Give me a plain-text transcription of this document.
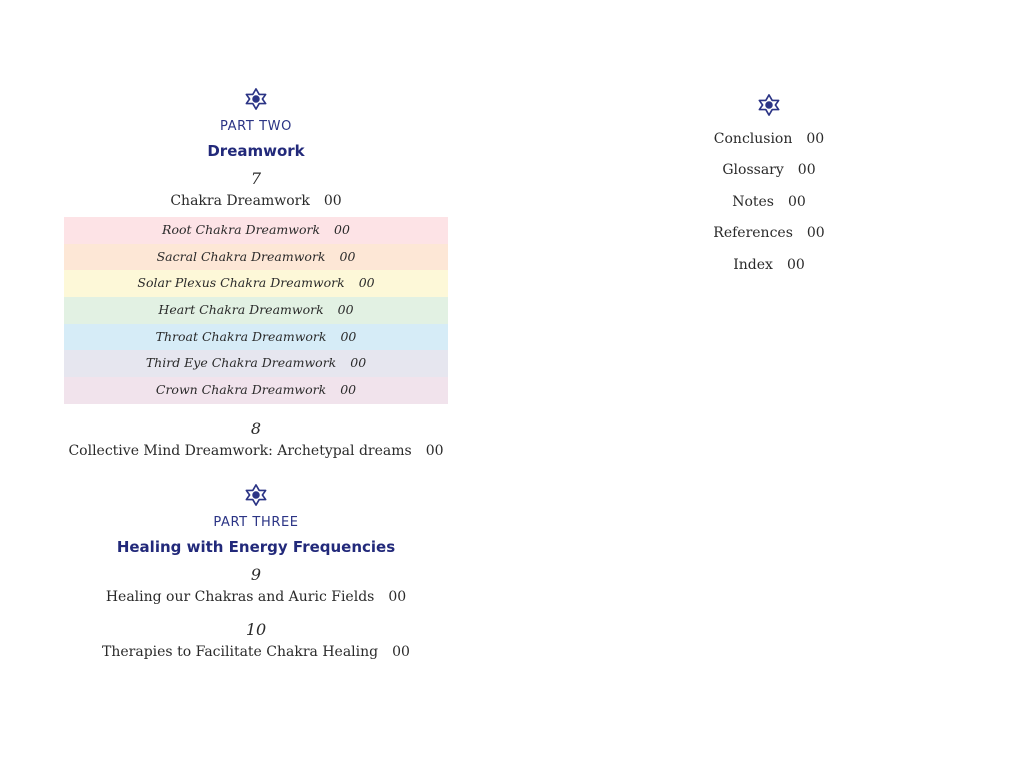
PART TWO
Dreamwork
7
Chakra Dreamwork 00
Root Chakra Dreamwork 00
Sacral Chakra Dreamwork 00
Solar Plexus Chakra Dreamwork 00
Heart Chakra Dreamwork 00
Throat Chakra Dreamwork 00
Third Eye Chakra Dreamwork 00
Crown Chakra Dreamwork 00
8
Collective Mind Dreamwork: Archetypal dreams 00
PART THREE
Healing with Energy Frequencies
9
Healing our Chakras and Auric Fields 00
10
Therapies to Facilitate Chakra Healing 00
Conclusion 00
Glossary 00
Notes 00
References 00
Index 00
